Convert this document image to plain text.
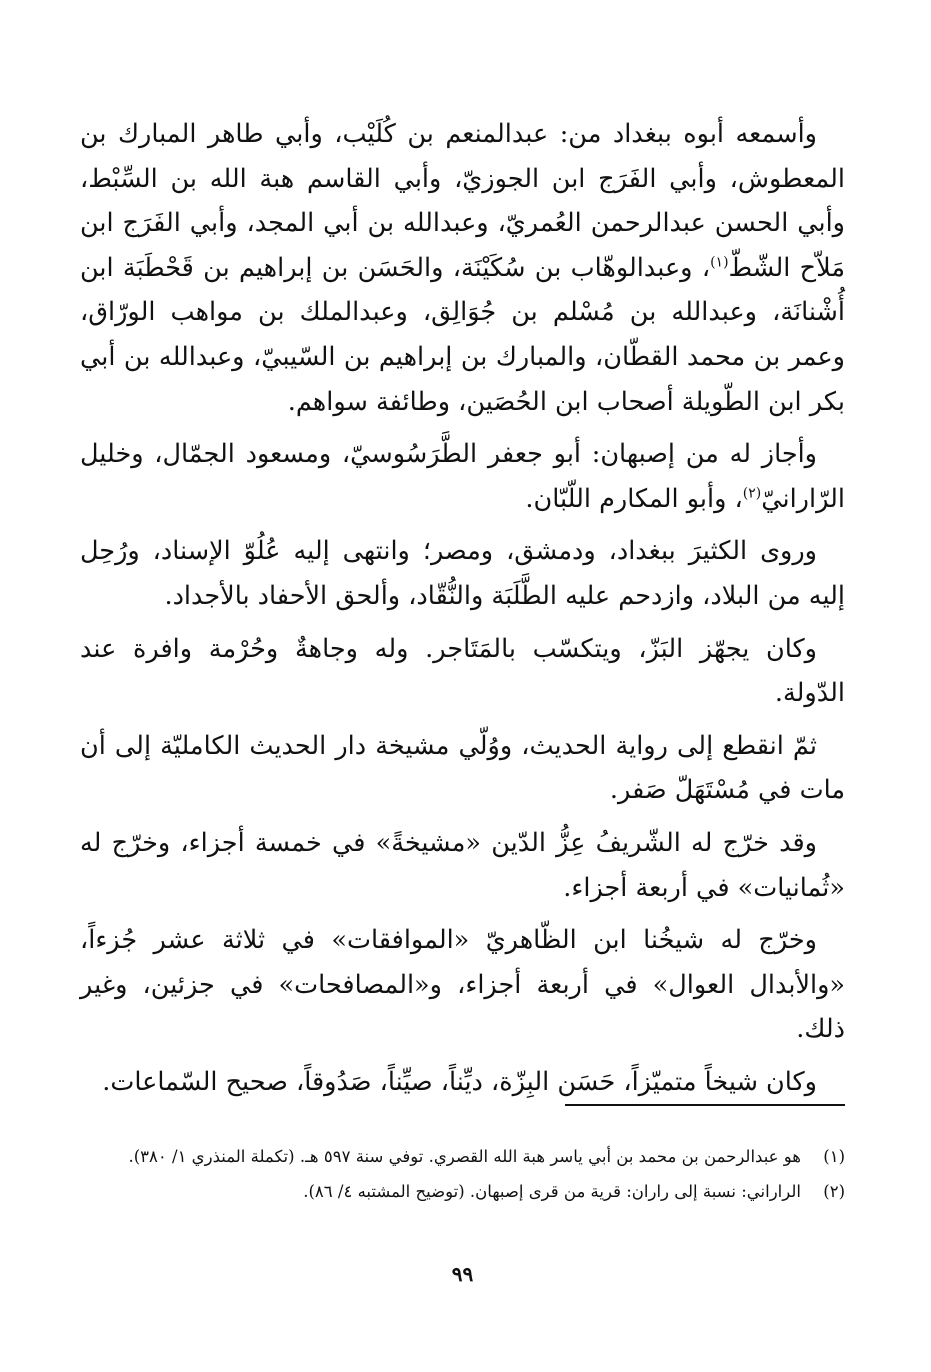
وأسمعه أبوه ببغداد من: عبدالمنعم بن كُلَيْب، وأبي طاهر المبارك بن المعطوش، وأبي الفَرَج ابن الجوزيّ، وأبي القاسم هبة الله بن السِّبْط، وأبي الحسن عبدالرحمن العُمريّ، وعبدالله بن أبي المجد، وأبي الفَرَج ابن مَلاّح الشّطّ$^{(١)}$، وعبدالوهّاب بن سُكَيْنَة، والحَسَن بن إبراهيم بن قَحْطَبَة ابن أُشْنانَة، وعبدالله بن مُسْلم بن جُوَالِق، وعبدالملك بن مواهب الورّاق، وعمر بن محمد القطّان، والمبارك بن إبراهيم بن السّيبيّ، وعبدالله بن أبي بكر ابن الطّويلة أصحاب ابن الحُصَين، وطائفة سواهم.

وأجاز له من إصبهان: أبو جعفر الطَّرَسُوسيّ، ومسعود الجمّال، وخليل الرّارانيّ$^{(٢)}$، وأبو المكارم اللّبّان.

وروى الكثيرَ ببغداد، ودمشق، ومصر؛ وانتهى إليه عُلُوّ الإسناد، ورُحِل إليه من البلاد، وازدحم عليه الطَّلَبَة والنُّقّاد، وألحق الأحفاد بالأجداد.

وكان يجهّز البَزّ، ويتكسّب بالمَتَاجر. وله وجاهةٌ وحُرْمة وافرة عند الدّولة.

ثمّ انقطع إلى رواية الحديث، ووُلّي مشيخة دار الحديث الكامليّة إلى أن مات في مُسْتَهَلّ صَفر.

وقد خرّج له الشّريفُ عِزُّ الدّين «مشيخةً» في خمسة أجزاء، وخرّج له «ثُمانيات» في أربعة أجزاء.

وخرّج له شيخُنا ابن الظّاهريّ «الموافقات» في ثلاثة عشر جُزءاً، «والأبدال العوال» في أربعة أجزاء، و«المصافحات» في جزئين، وغير ذلك.

وكان شيخاً متميّزاً، حَسَن البِزّة، ديِّناً، صيِّناً، صَدُوقاً، صحيح السّماعات.

(١)
هو عبدالرحمن بن محمد بن أبي ياسر هبة الله القصري. توفي سنة ٥٩٧ هـ. (تكملة المنذري ١/ ٣٨٠).
(٢)
الراراني: نسبة إلى راران: قرية من قرى إصبهان. (توضيح المشتبه ٤/ ٨٦).
٩٩
